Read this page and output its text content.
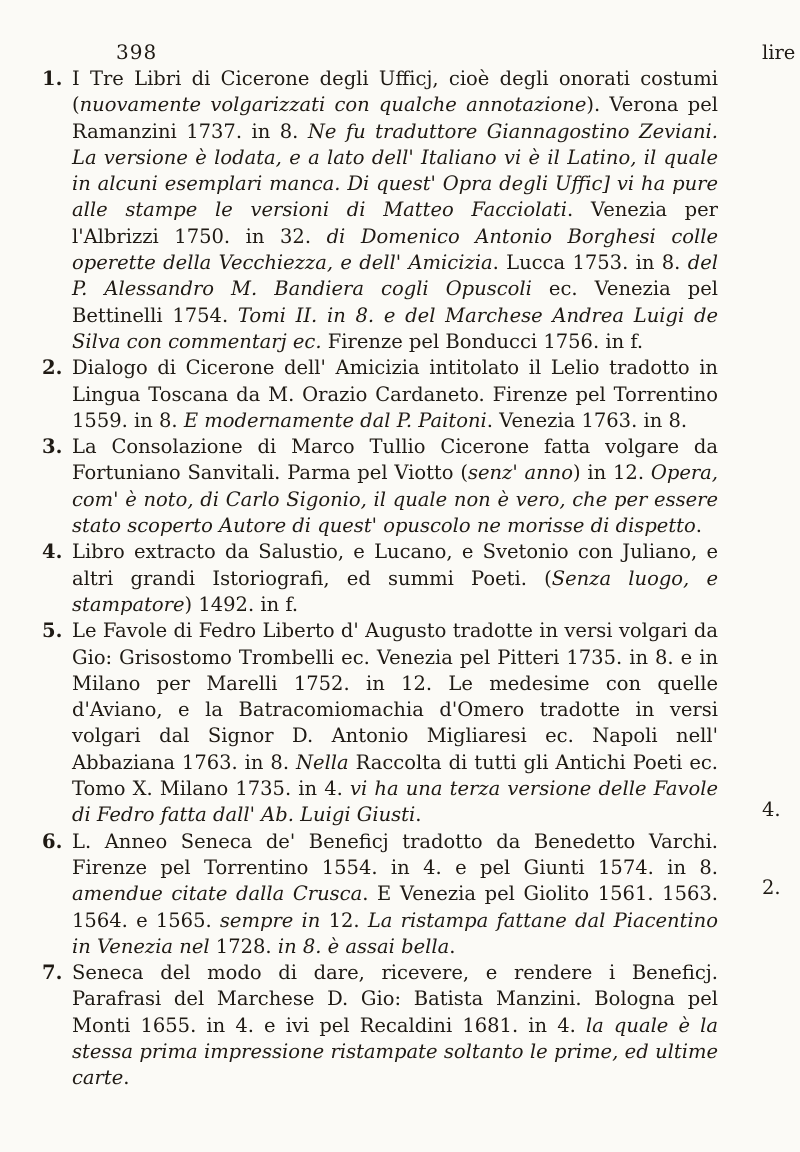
398

1. I Tre Libri di Cicerone degli Ufficj, cioè degli onorati costumi (nuovamente volgarizzati con qualche annotazione). Verona pel Ramanzini 1737. in 8. Ne fu traduttore Giannagostino Zeviani. La versione è lodata, e a lato dell' Italiano vi è il Latino, il quale in alcuni esemplari manca. Di quest' Opra degli Uffic] vi ha pure alle stampe le versioni di Matteo Facciolati. Venezia per l'Albrizzi 1750. in 32. di Domenico Antonio Borghesi colle operette della Vecchiezza, e dell' Amicizia. Lucca 1753. in 8. del P. Alessandro M. Bandiera cogli Opuscoli ec. Venezia pel Bettinelli 1754. Tomi II. in 8. e del Marchese Andrea Luigi de Silva con commentarj ec. Firenze pel Bonducci 1756. in f.

2. Dialogo di Cicerone dell' Amicizia intitolato il Lelio tradotto in Lingua Toscana da M. Orazio Cardaneto. Firenze pel Torrentino 1559. in 8. E modernamente dal P. Paitoni. Venezia 1763. in 8.

3. La Consolazione di Marco Tullio Cicerone fatta volgare da Fortuniano Sanvitali. Parma pel Viotto (senz' anno) in 12. Opera, com' è noto, di Carlo Sigonio, il quale non è vero, che per essere stato scoperto Autore di quest' opuscolo ne morisse di dispetto.

4. Libro extracto da Salustio, e Lucano, e Svetonio con Juliano, e altri grandi Istoriografi, ed summi Poeti. (Senza luogo, e stampatore) 1492. in f.

5. Le Favole di Fedro Liberto d' Augusto tradotte in versi volgari da Gio: Grisostomo Trombelli ec. Venezia pel Pitteri 1735. in 8. e in Milano per Marelli 1752. in 12. Le medesime con quelle d'Aviano, e la Batracomiomachia d'Omero tradotte in versi volgari dal Signor D. Antonio Migliaresi ec. Napoli nell' Abbaziana 1763. in 8. Nella Raccolta di tutti gli Antichi Poeti ec. Tomo X. Milano 1735. in 4. vi ha una terza versione delle Favole di Fedro fatta dall' Ab. Luigi Giusti.

6. L. Anneo Seneca de' Beneficj tradotto da Benedetto Varchi. Firenze pel Torrentino 1554. in 4. e pel Giunti 1574. in 8. amendue citate dalla Crusca. E Venezia pel Giolito 1561. 1563. 1564. e 1565. sempre in 12. La ristampa fattane dal Piacentino in Venezia nel 1728. in 8. è assai bella.

7. Seneca del modo di dare, ricevere, e rendere i Beneficj. Parafrasi del Marchese D. Gio: Batista Manzini. Bologna pel Monti 1655. in 4. e ivi pel Recaldini 1681. in 4. la quale è la stessa prima impressione ristampate soltanto le prime, ed ultime carte.

lire
4.
2.
